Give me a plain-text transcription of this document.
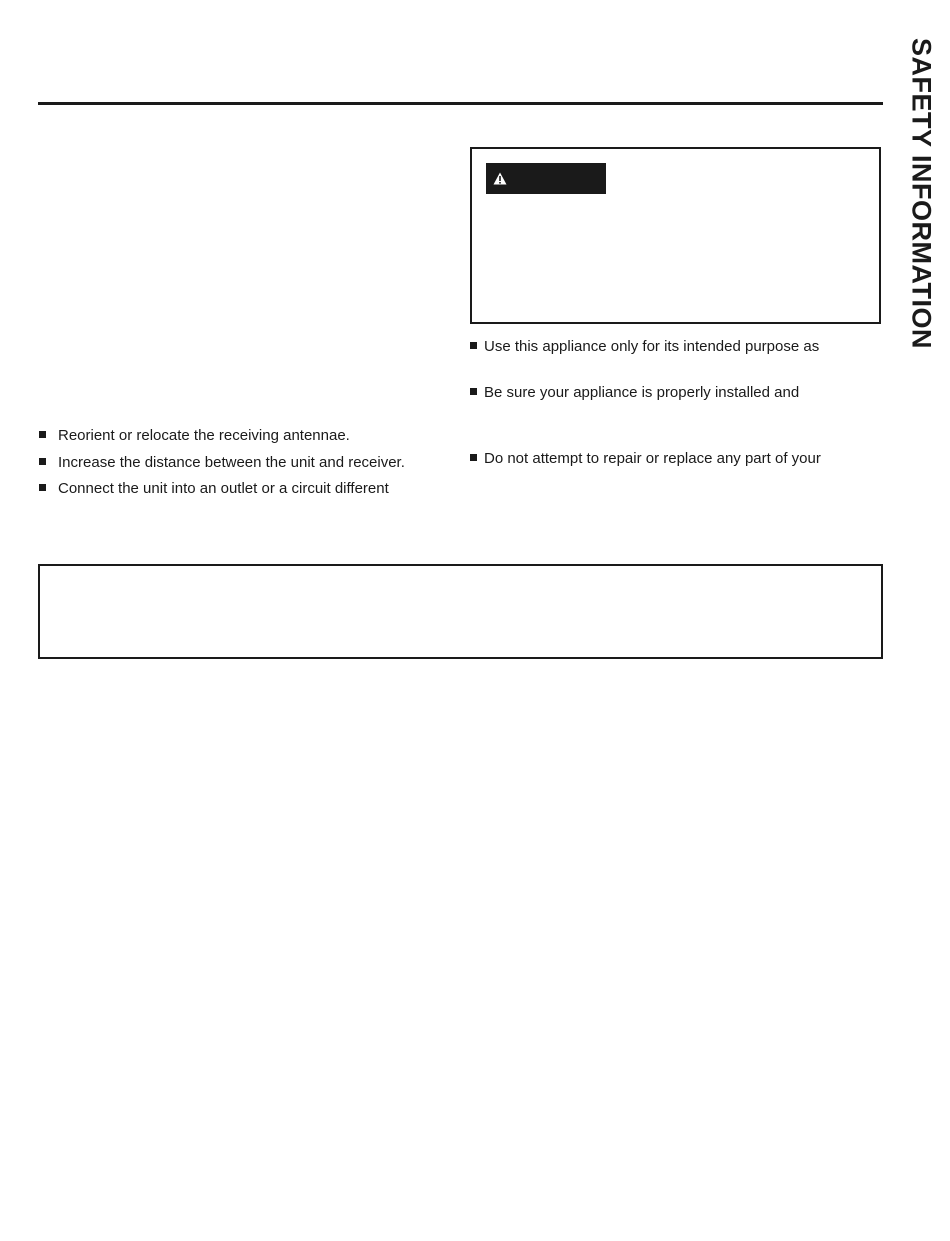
SAFETY INFORMATION
Reorient or relocate the receiving antennae.
Increase the distance between the unit and receiver.
Connect the unit into an outlet or a circuit different
Use this appliance only for its intended purpose as
Be sure your appliance is properly installed and
Do not attempt to repair or replace any part of your
